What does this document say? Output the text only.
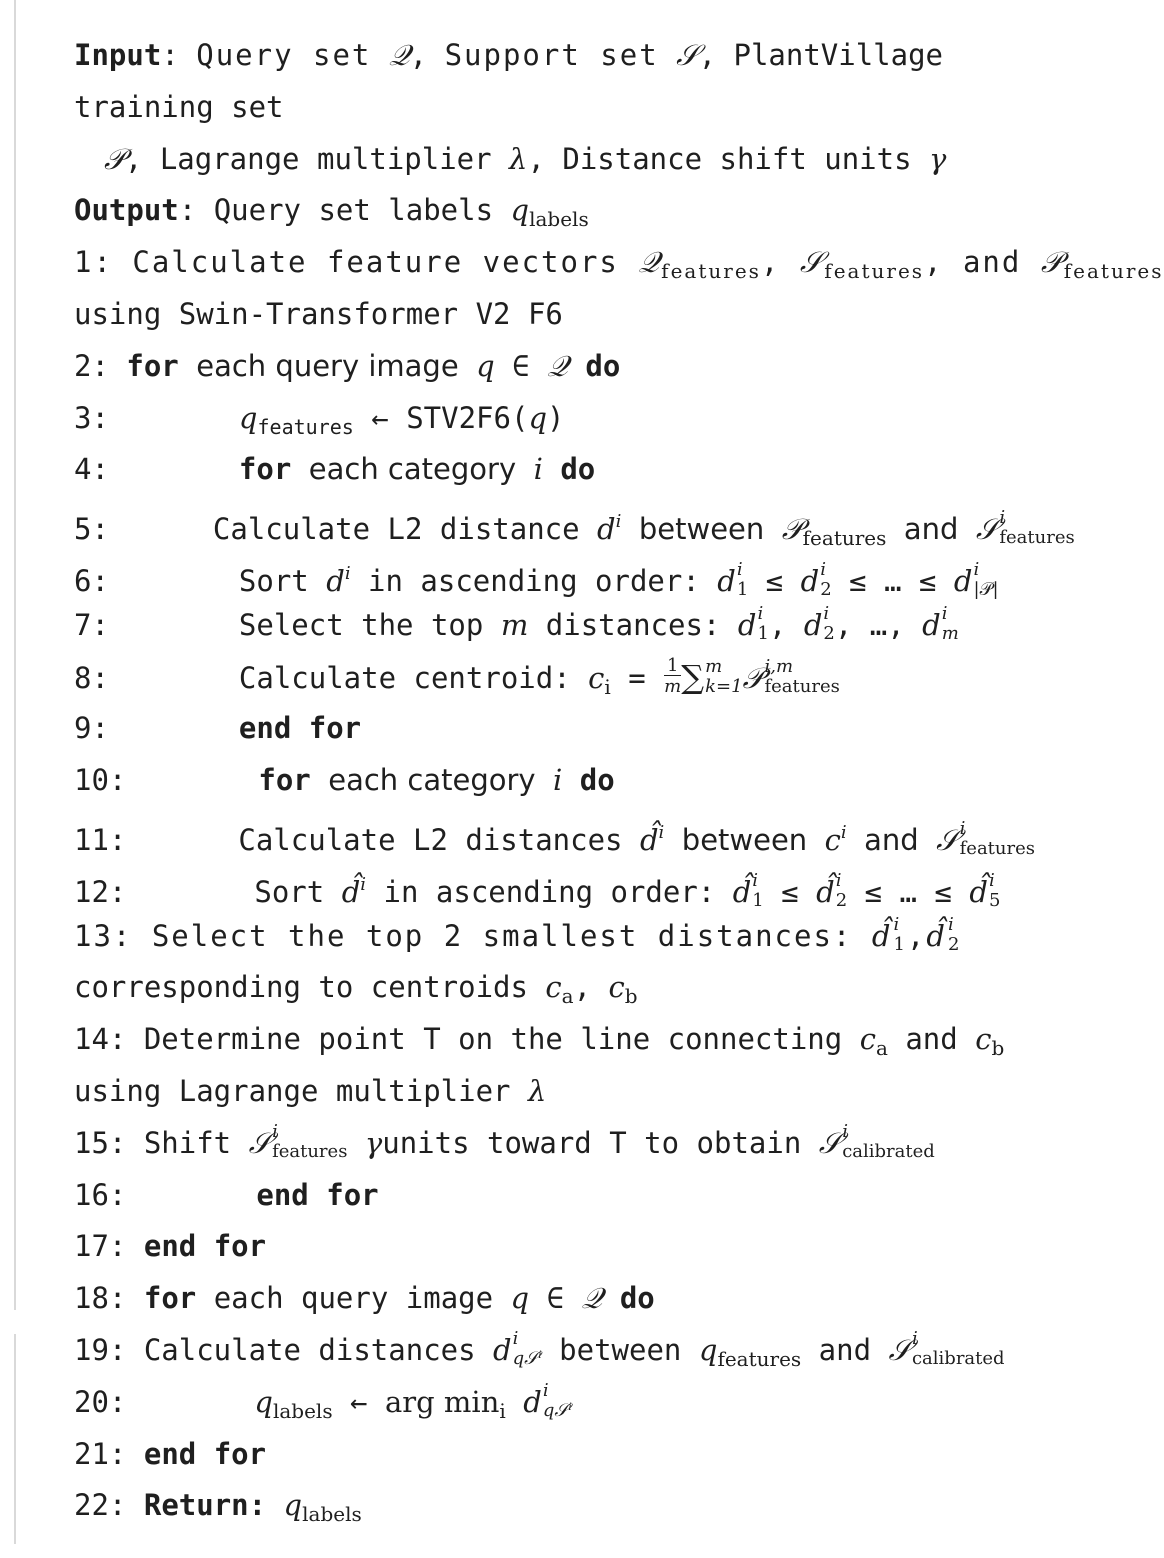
Input: Query set 𝒬, Support set 𝒮, PlantVillage
training set
𝒫, Lagrange multiplier λ, Distance shift units γ
Output: Query set labels $q_{labels}$
1: Calculate feature vectors 𝒬$_{features}$, 𝒮$_{features}$, and 𝒫$_{features}$
using Swin-Transformer V2 F6
2: for each query image q ∈ 𝒬 do
3:	$q_{features}$ ← STV2F6(q)
4:	for each category i do
5:	Calculate L2 distance $d^i$ between 𝒫$_{features}$ and 𝒮 i
features
6:	Sort $d^i$ in ascending order: d i
1 ≤ d i
2 ≤ … ≤ d i
|𝒫|
7:	Select the top m distances: d i
1 , d i
2 , …, d i
m
8:	Calculate centroid: $c_i = \frac{1}{m}$ ∑ m
k=1 𝒫 i,m
features
9:	end for
10:	for each category i do
11:	Calculate L2 distances d̂$^i$ between $c^i$ and 𝒮 i
features
12:	Sort d̂$^i$ in ascending order: d̂ i
1 ≤ d̂ i
2 ≤ … ≤ d̂ i
5
13: Select the top 2 smallest distances: d̂ i
1 ,d̂ i
2
corresponding to centroids $c_a$, $c_b$
14: Determine point T on the line connecting $c_a$ and $c_b$
using Lagrange multiplier λ
15: Shift 𝒮 i
features γunits toward T to obtain 𝒮 i
calibrated
16:	end for
17: end for
18: for each query image q ∈ 𝒬 do
19: Calculate distances d i
q𝒮ⁱ between $q_{features}$ and 𝒮 i
calibrated
20:	$q_{labels}$ ← arg $\min_i d$ i
q𝒮ⁱ
21: end for
22: Return: $q_{labels}$
